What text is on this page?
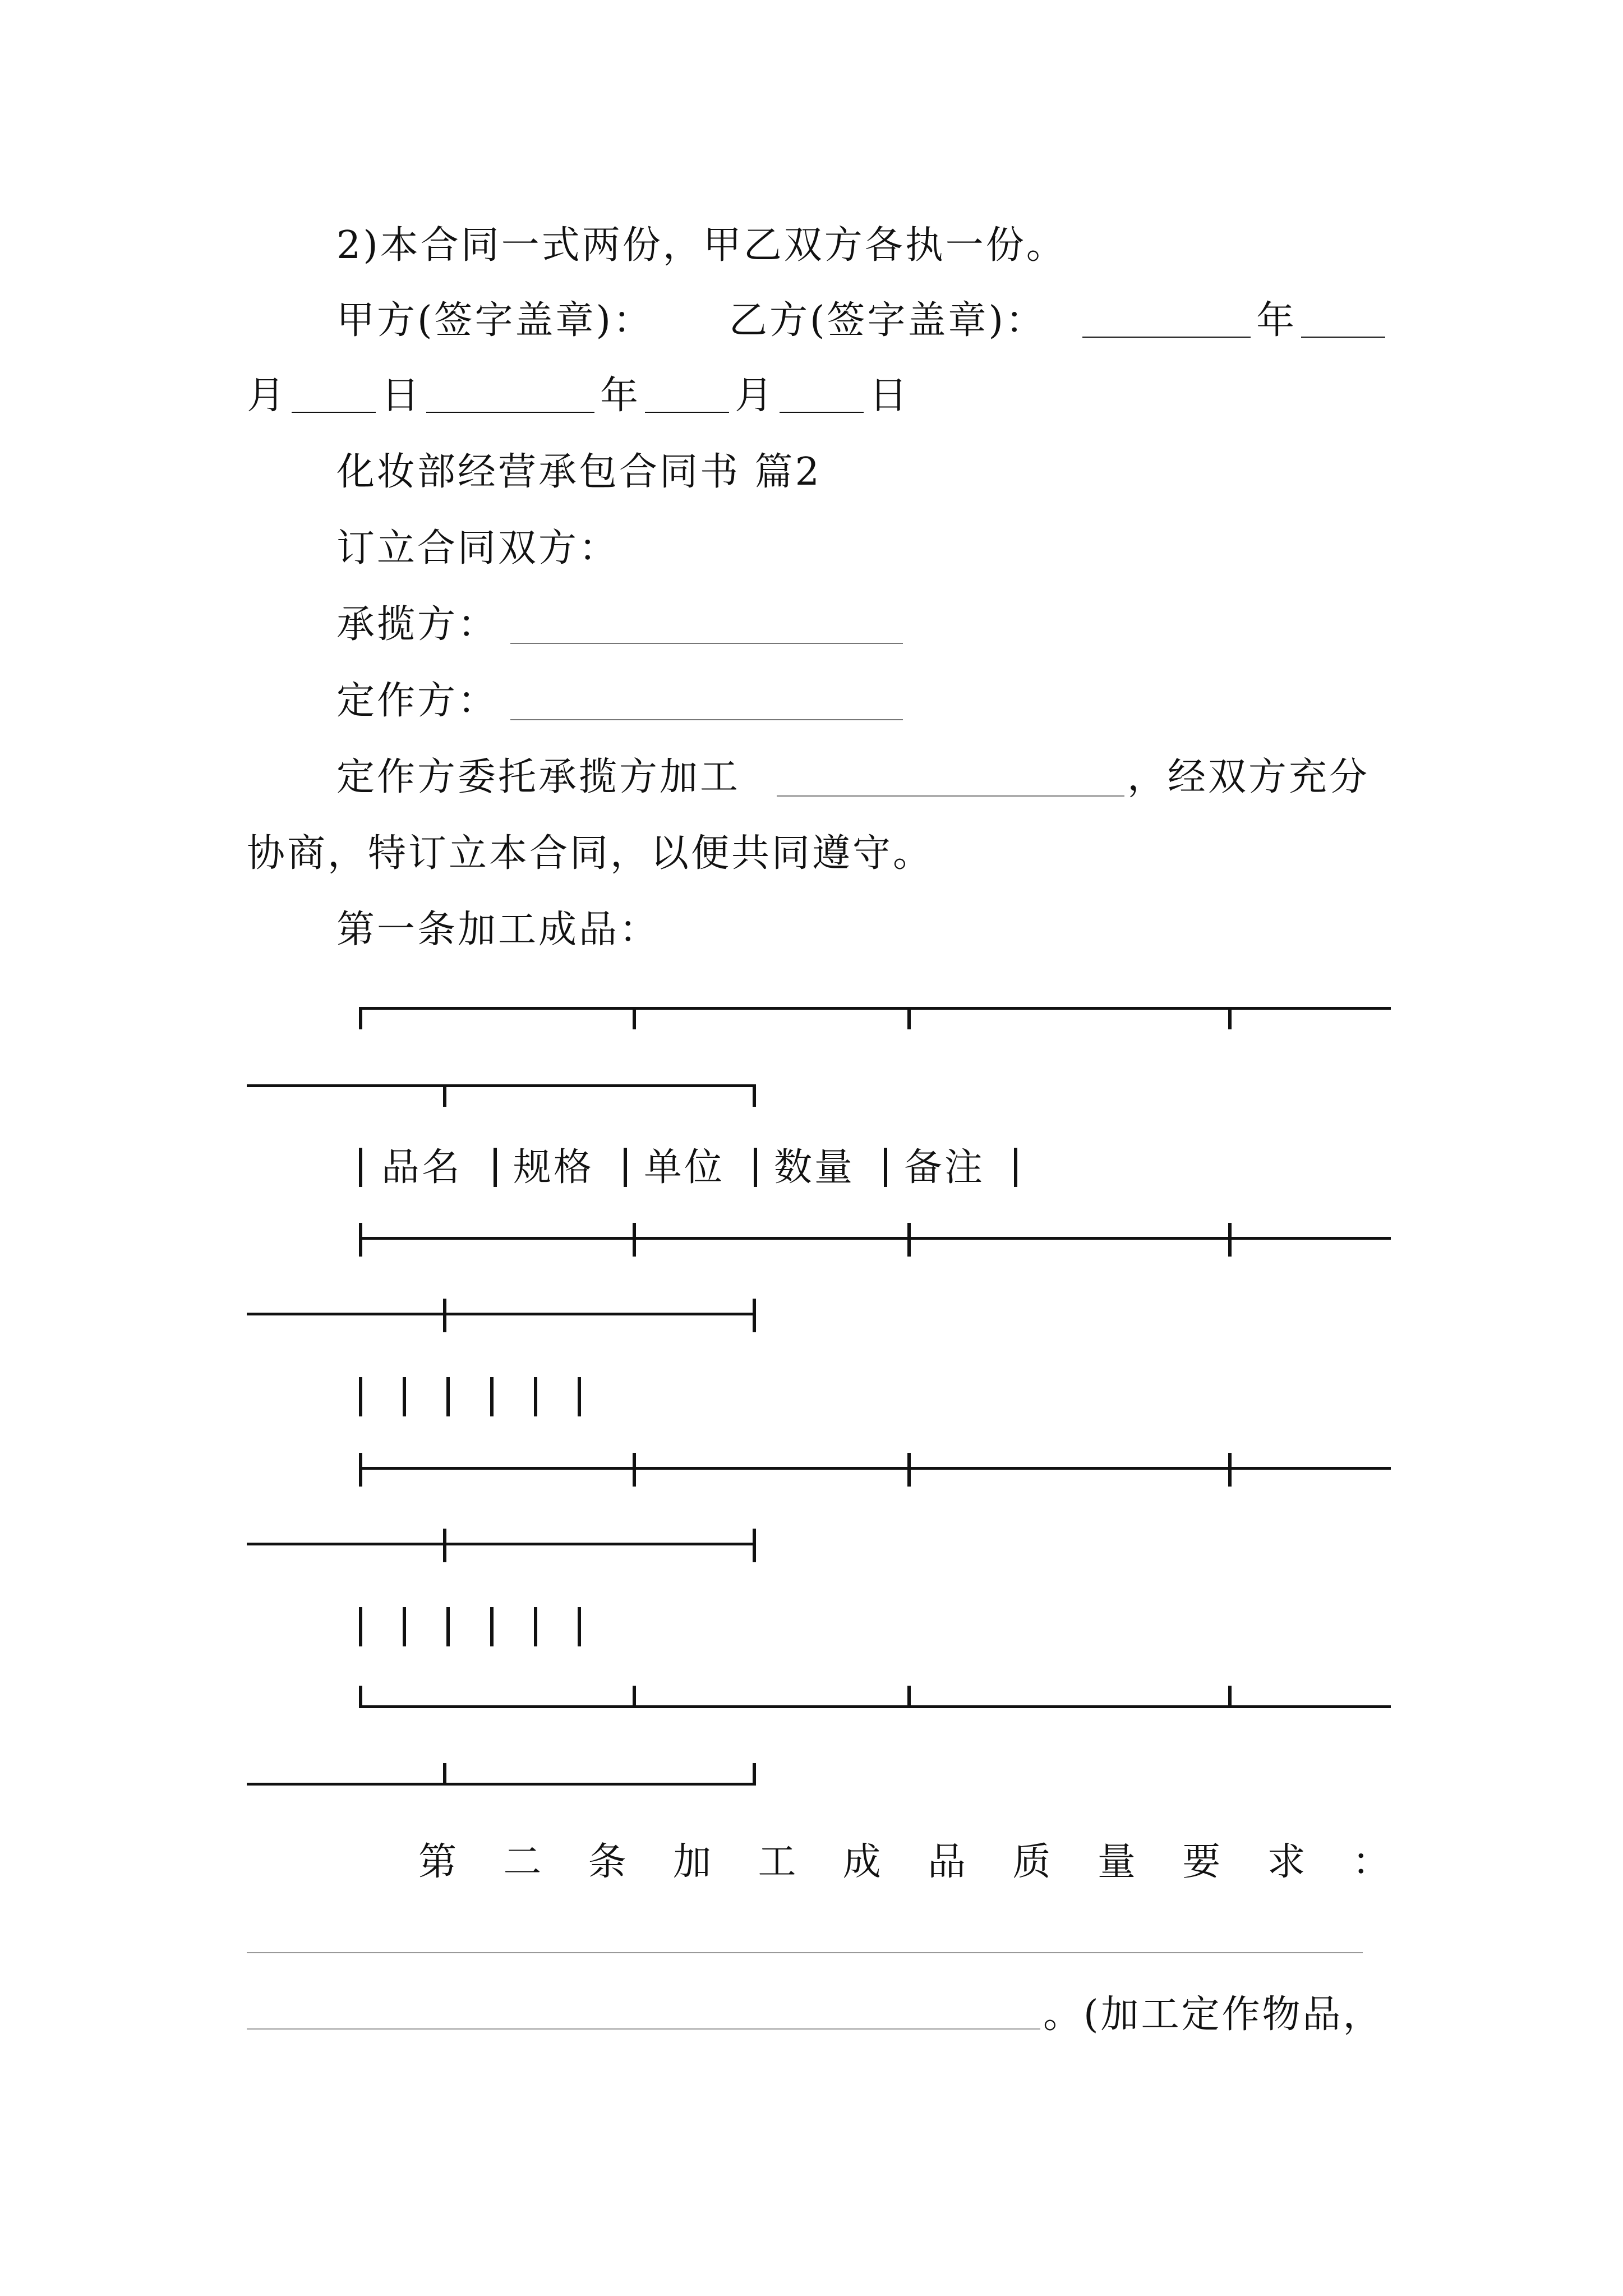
2)本合同一式两份，甲乙双方各执一份。

甲方(签字盖章)： 乙方(签字盖章)：	年

月 日	年 月 日

化妆部经营承包合同书 篇2

订立合同双方：

承揽方：

定作方：

定作方委托承揽方加工	，经双方充分

协商，特订立本合同，以便共同遵守。

第一条加工成品：

品名 规格 单位 数量 备注
第 二 条 加 工 成 品 质 量 要 求 ：

。(加工定作物品，
